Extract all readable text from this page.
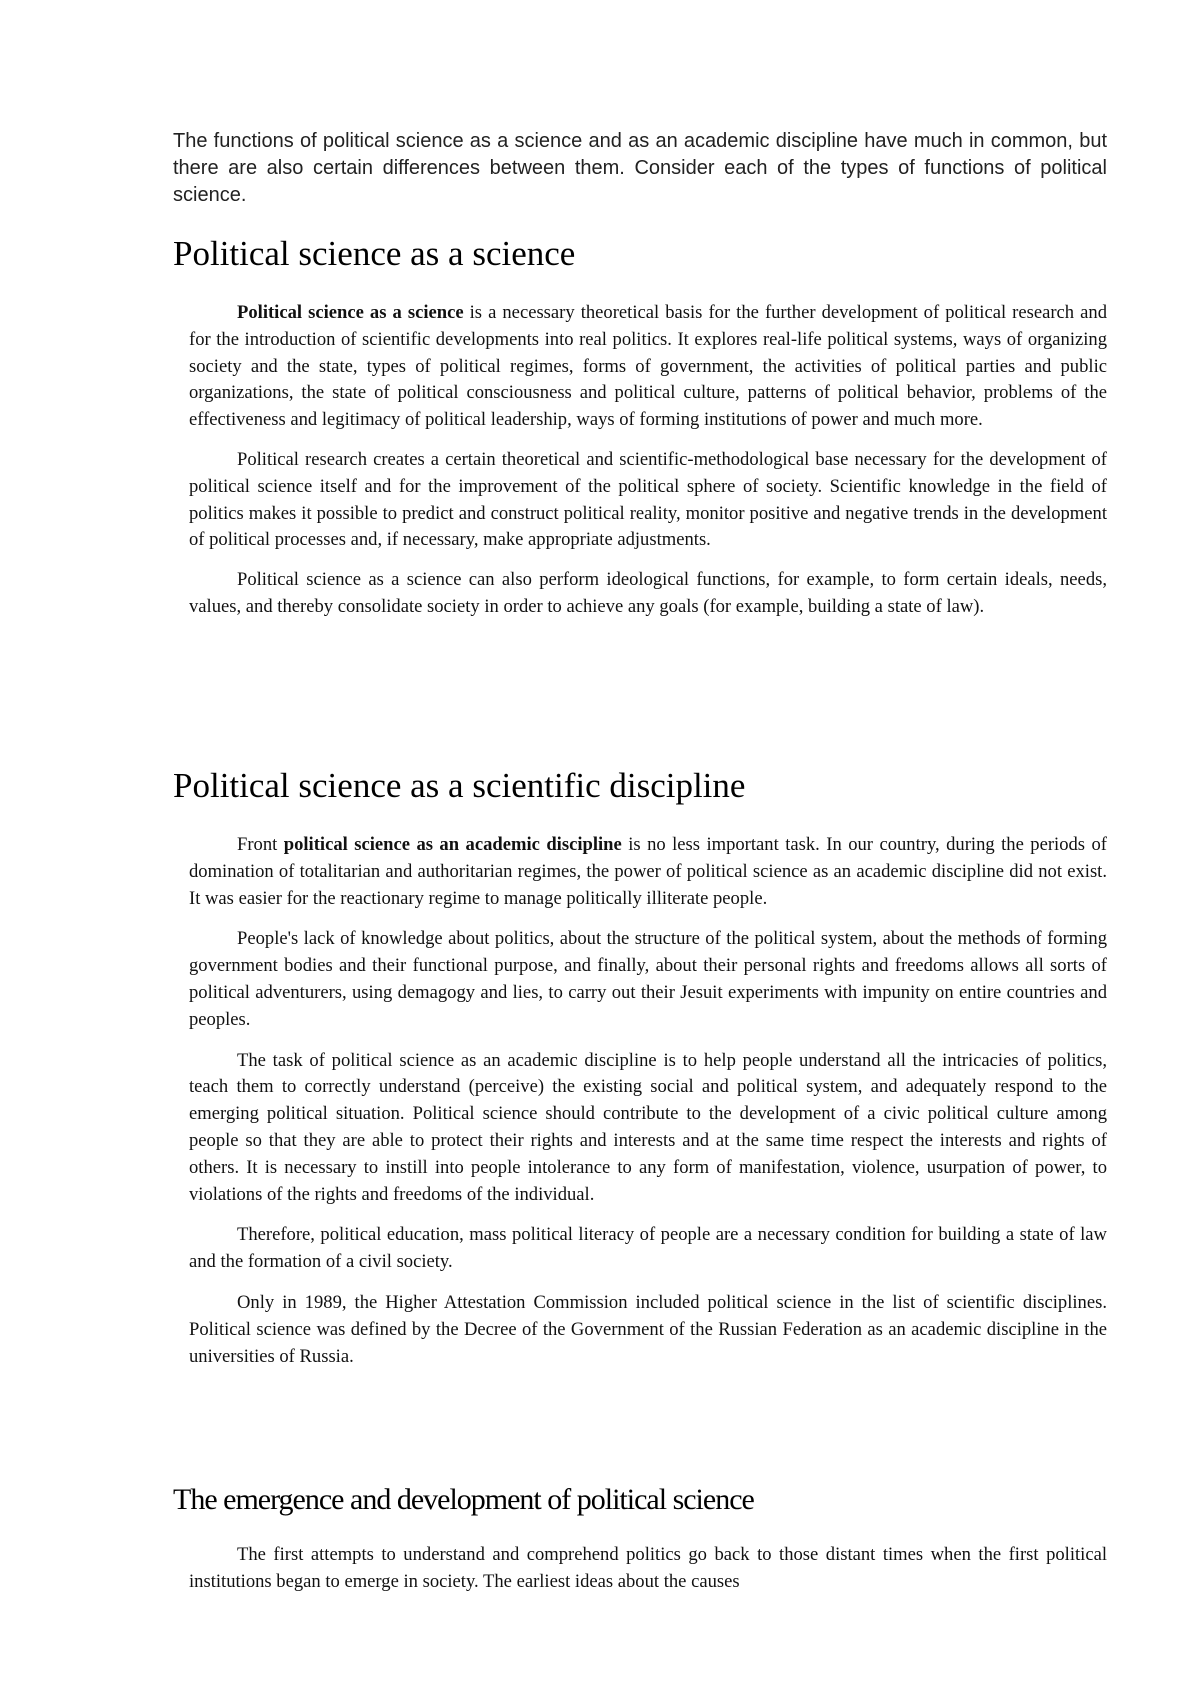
The functions of political science as a science and as an academic discipline have much in common, but there are also certain differences between them. Consider each of the types of functions of political science.

Political science as a science

Political science as a science is a necessary theoretical basis for the further development of political research and for the introduction of scientific developments into real politics. It explores real-life political systems, ways of organizing society and the state, types of political regimes, forms of government, the activities of political parties and public organizations, the state of political consciousness and political culture, patterns of political behavior, problems of the effectiveness and legitimacy of political leadership, ways of forming institutions of power and much more.

Political research creates a certain theoretical and scientific-methodological base necessary for the development of political science itself and for the improvement of the political sphere of society. Scientific knowledge in the field of politics makes it possible to predict and construct political reality, monitor positive and negative trends in the development of political processes and, if necessary, make appropriate adjustments.

Political science as a science can also perform ideological functions, for example, to form certain ideals, needs, values, and thereby consolidate society in order to achieve any goals (for example, building a state of law).

Political science as a scientific discipline

Front political science as an academic discipline is no less important task. In our country, during the periods of domination of totalitarian and authoritarian regimes, the power of political science as an academic discipline did not exist. It was easier for the reactionary regime to manage politically illiterate people.

People's lack of knowledge about politics, about the structure of the political system, about the methods of forming government bodies and their functional purpose, and finally, about their personal rights and freedoms allows all sorts of political adventurers, using demagogy and lies, to carry out their Jesuit experiments with impunity on entire countries and peoples.

The task of political science as an academic discipline is to help people understand all the intricacies of politics, teach them to correctly understand (perceive) the existing social and political system, and adequately respond to the emerging political situation. Political science should contribute to the development of a civic political culture among people so that they are able to protect their rights and interests and at the same time respect the interests and rights of others. It is necessary to instill into people intolerance to any form of manifestation, violence, usurpation of power, to violations of the rights and freedoms of the individual.

Therefore, political education, mass political literacy of people are a necessary condition for building a state of law and the formation of a civil society.

Only in 1989, the Higher Attestation Commission included political science in the list of scientific disciplines. Political science was defined by the Decree of the Government of the Russian Federation as an academic discipline in the universities of Russia.

The emergence and development of political science

The first attempts to understand and comprehend politics go back to those distant times when the first political institutions began to emerge in society. The earliest ideas about the causes
